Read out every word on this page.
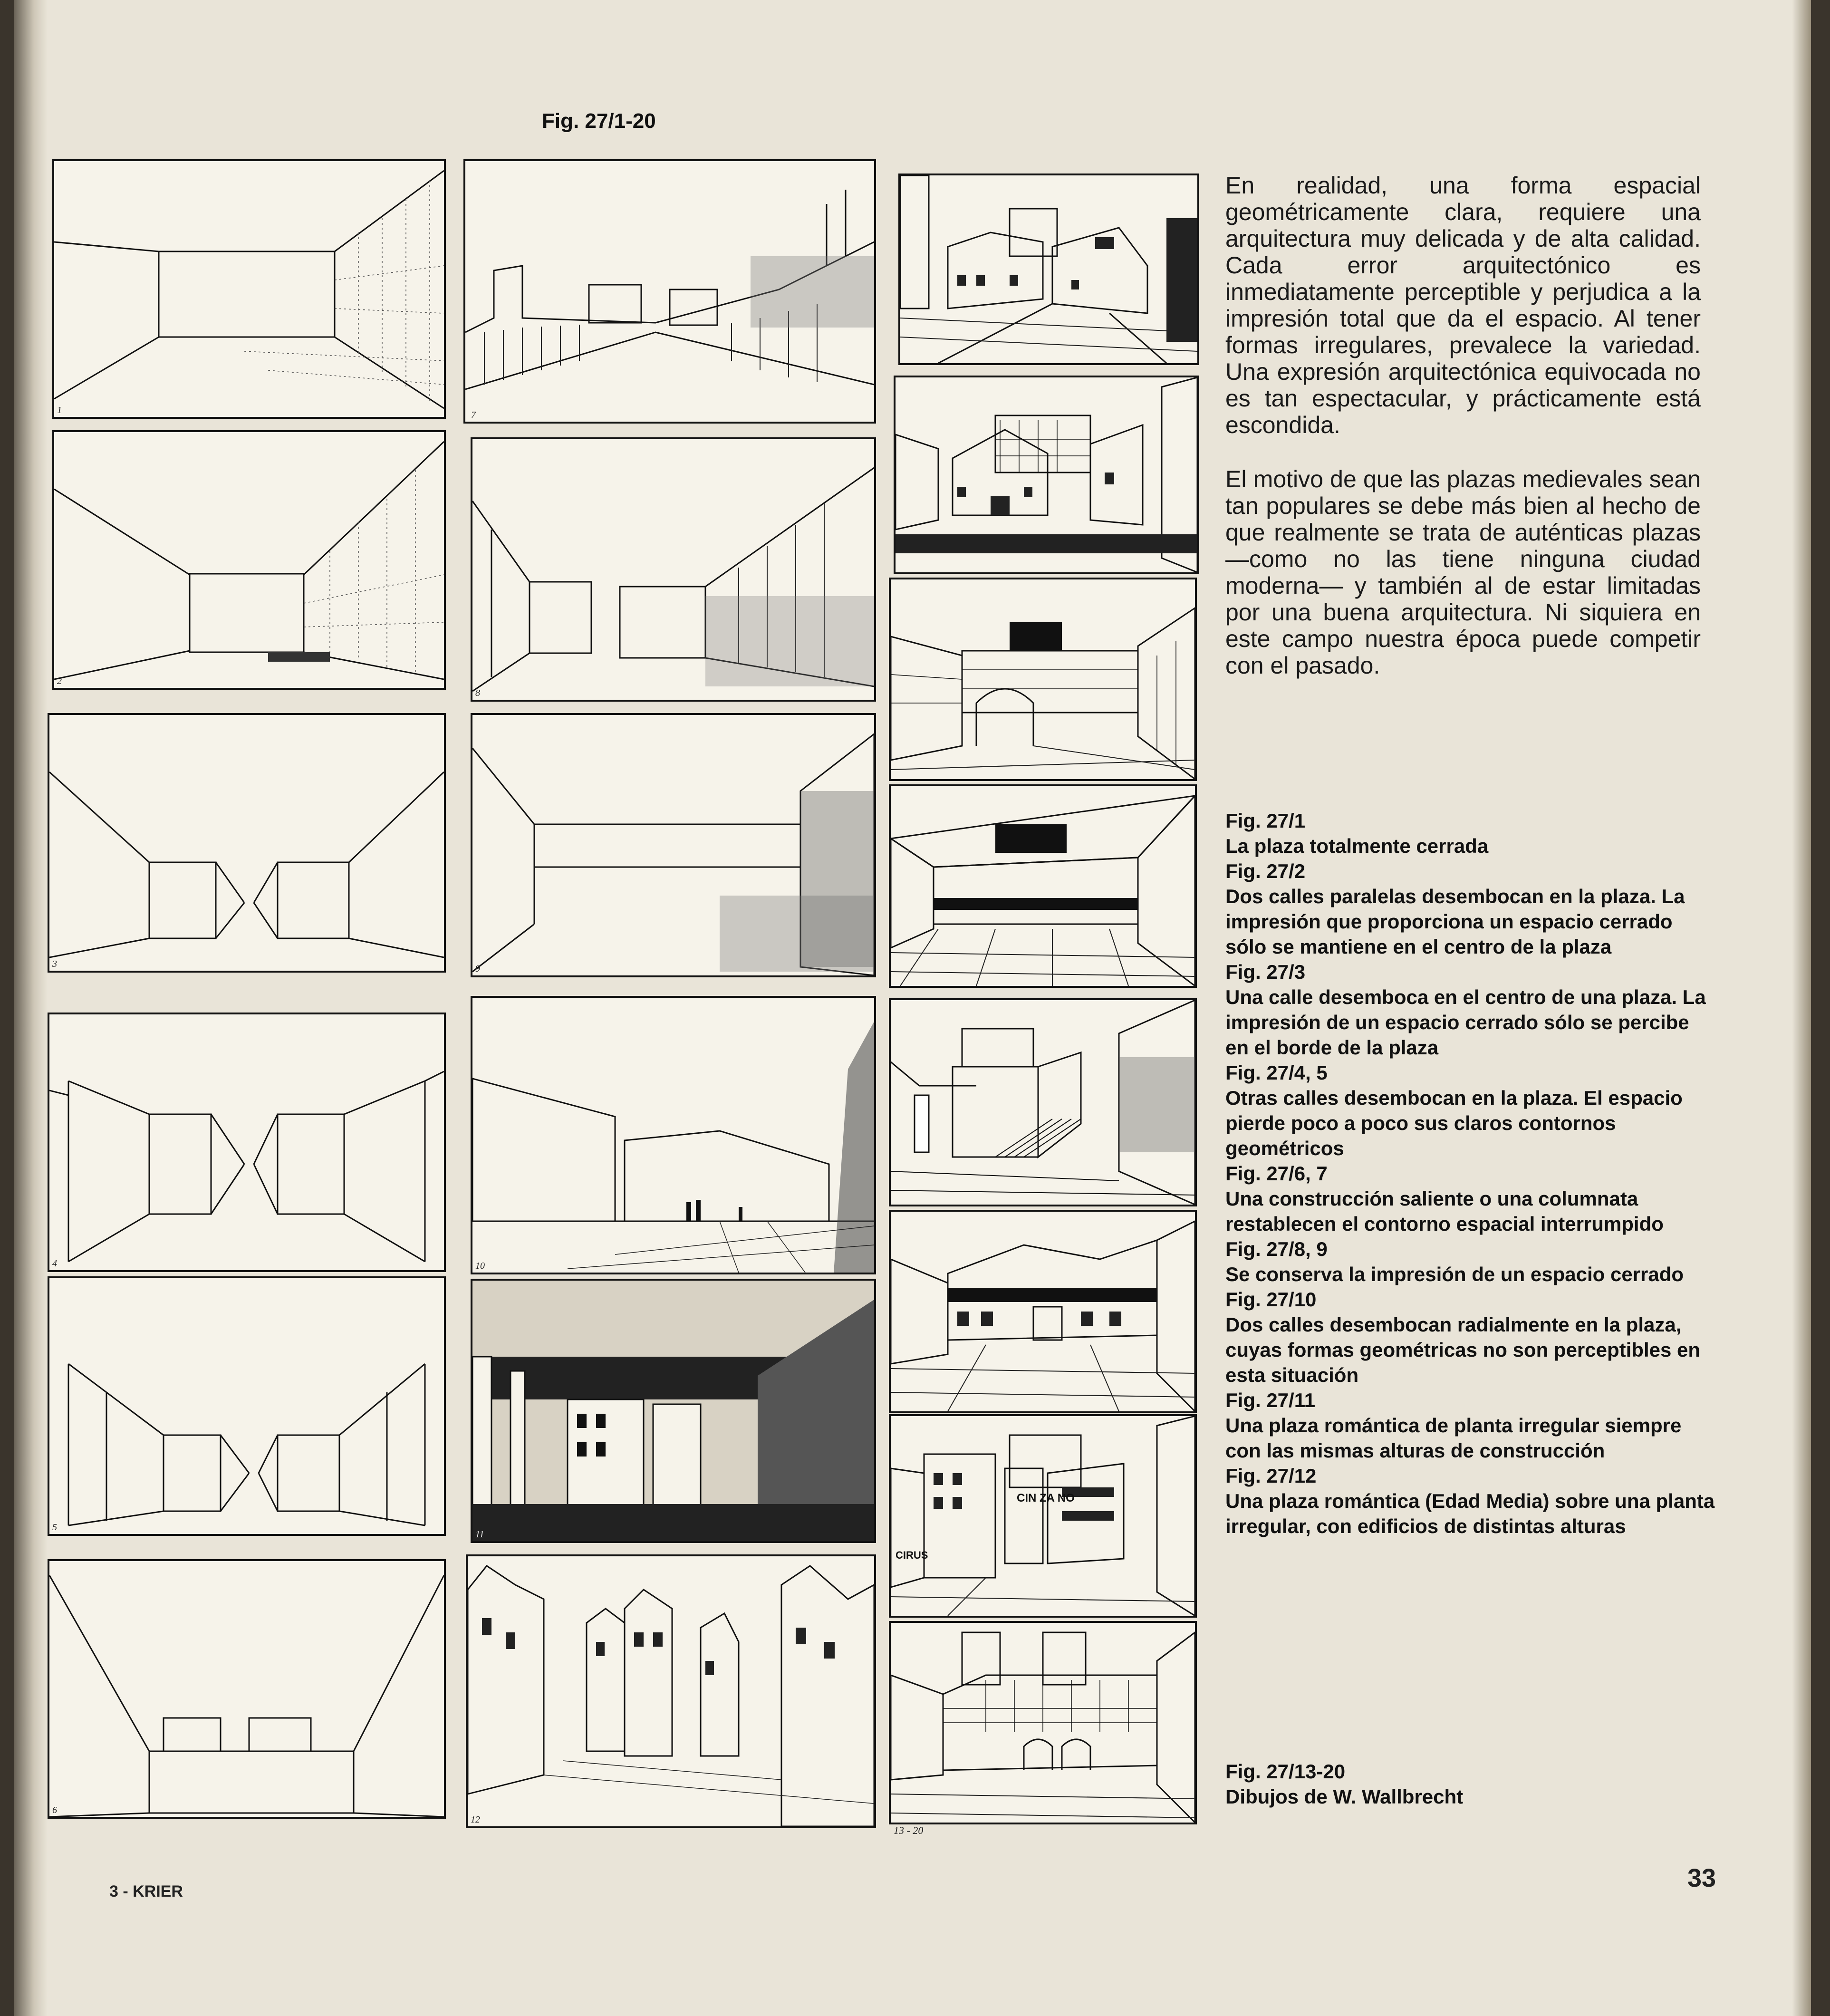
Fig. 27/1-20
1
2
3
4
5
6
7
8
9
10
11
12
CIN ZA NO
CIRUS
13 - 20

En realidad, una forma espacial geométricamente clara, requiere una arquitectura muy delicada y de alta calidad. Cada error arquitectónico es inmediatamente perceptible y perjudica a la impresión total que da el espacio. Al tener formas irregulares, prevalece la variedad. Una expresión arquitectónica equivocada no es tan espectacular, y prácticamente está escondida.

El motivo de que las plazas medievales sean tan populares se debe más bien al hecho de que realmente se trata de auténticas plazas —como no las tiene ninguna ciudad moderna— y también al de estar limitadas por una buena arquitectura. Ni siquiera en este campo nuestra época puede competir con el pasado.

Fig. 27/1
La plaza totalmente cerrada
Fig. 27/2
Dos calles paralelas desembocan en la plaza. La impresión que proporciona un espacio cerrado sólo se mantiene en el centro de la plaza
Fig. 27/3
Una calle desemboca en el centro de una plaza. La impresión de un espacio cerrado sólo se percibe en el borde de la plaza
Fig. 27/4, 5
Otras calles desembocan en la plaza. El espacio pierde poco a poco sus claros contornos geométricos
Fig. 27/6, 7
Una construcción saliente o una columnata restablecen el contorno espacial interrumpido
Fig. 27/8, 9
Se conserva la impresión de un espacio cerrado
Fig. 27/10
Dos calles desembocan radialmente en la plaza, cuyas formas geométricas no son perceptibles en esta situación
Fig. 27/11
Una plaza romántica de planta irregular siempre con las mismas alturas de construcción
Fig. 27/12
Una plaza romántica (Edad Media) sobre una planta irregular, con edificios de distintas alturas
Fig. 27/13-20
Dibujos de W. Wallbrecht
3 - KRIER	33
